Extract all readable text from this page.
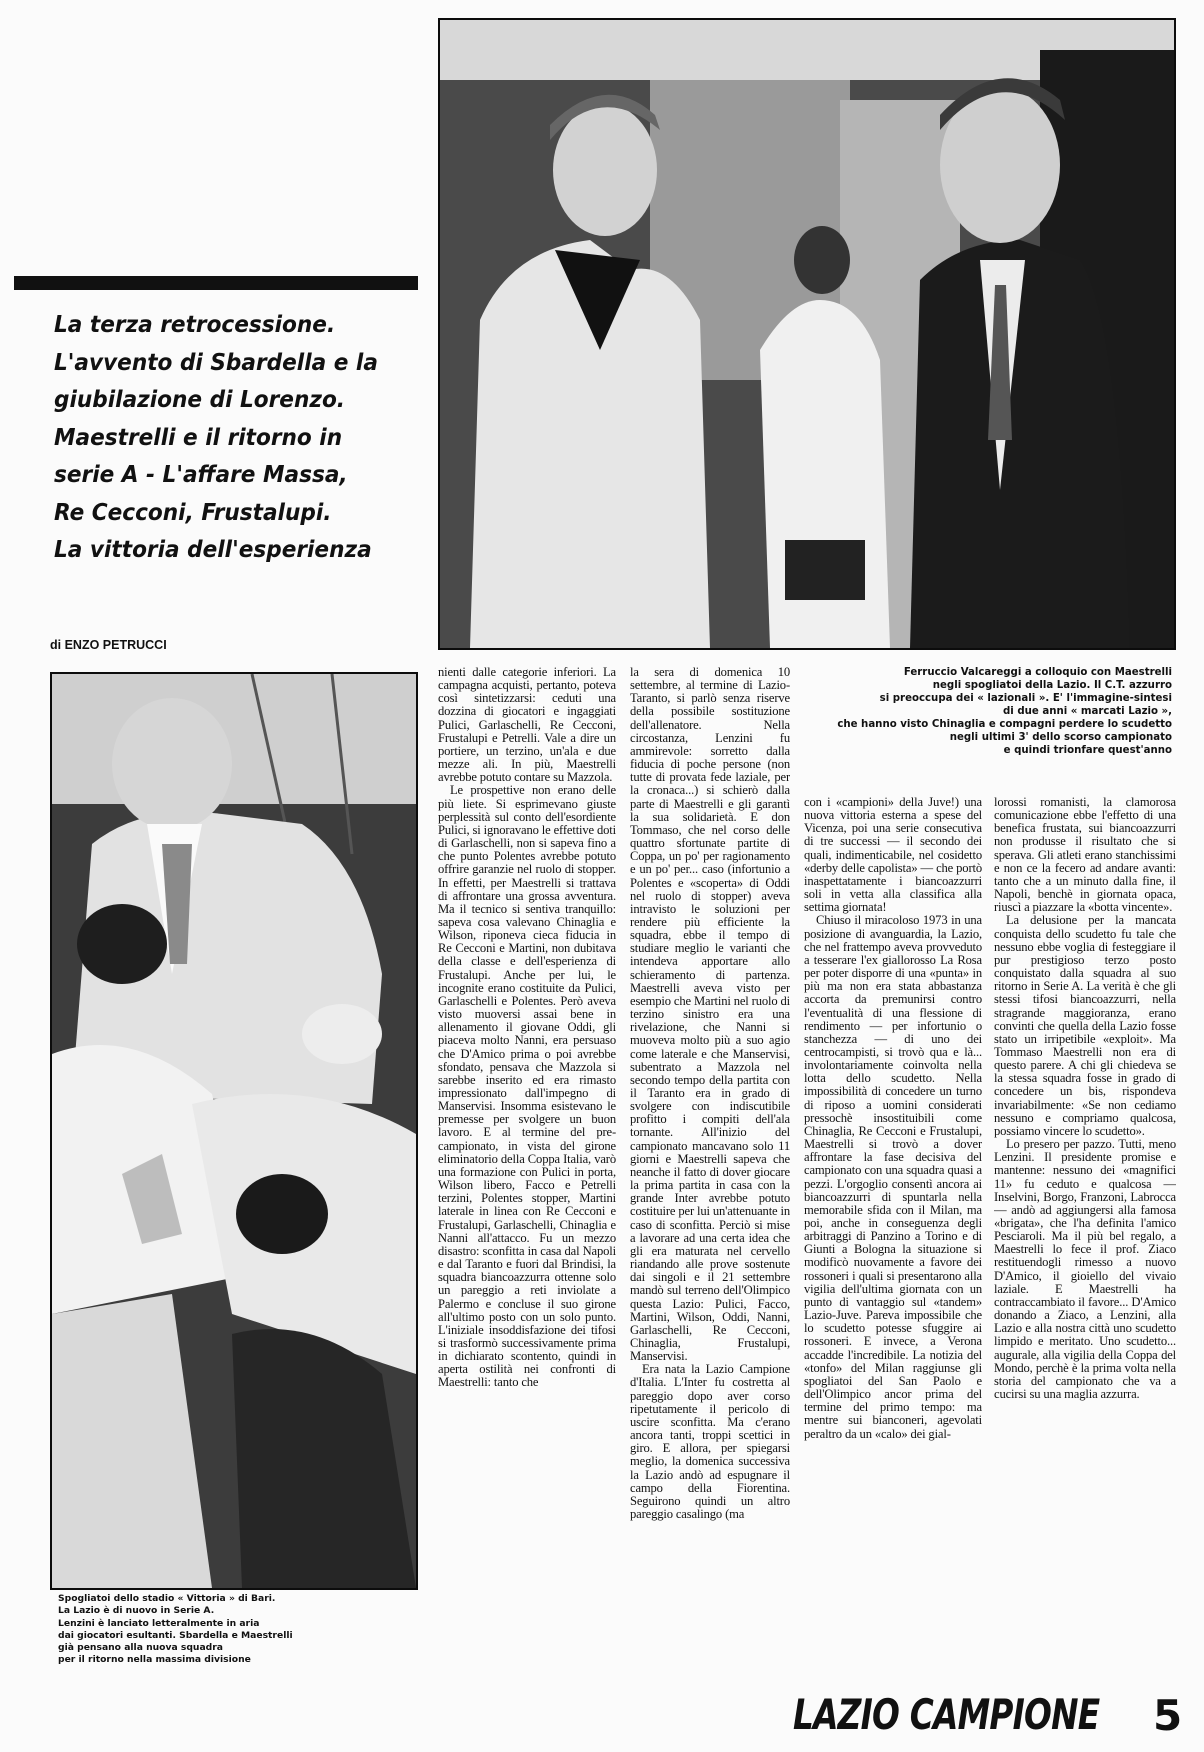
La terza retrocessione.
L'avvento di Sbardella e la
giubilazione di Lorenzo.
Maestrelli e il ritorno in
serie A - L'affare Massa,
Re Cecconi, Frustalupi.
La vittoria dell'esperienza
di ENZO PETRUCCI

Ferruccio Valcareggi a colloquio con Maestrelli
negli spogliatoi della Lazio. Il C.T. azzurro
si preoccupa dei « lazionali ». E' l'immagine-sintesi
di due anni « marcati Lazio »,
che hanno visto Chinaglia e compagni perdere lo scudetto
negli ultimi 3' dello scorso campionato
e quindi trionfare quest'anno

Spogliatoi dello stadio « Vittoria » di Bari.
La Lazio è di nuovo in Serie A.
Lenzini è lanciato letteralmente in aria
dai giocatori esultanti. Sbardella e Maestrelli
già pensano alla nuova squadra
per il ritorno nella massima divisione

nienti dalle categorie inferiori. La campagna acquisti, pertanto, poteva così sintetizzarsi: ceduti una dozzina di giocatori e ingaggiati Pulici, Garlaschelli, Re Cecconi, Frustalupi e Petrelli. Vale a dire un portiere, un terzino, un'ala e due mezze ali. In più, Maestrelli avrebbe potuto contare su Mazzola.

Le prospettive non erano delle più liete. Si esprimevano giuste perplessità sul conto dell'esordiente Pulici, si ignoravano le effettive doti di Garlaschelli, non si sapeva fino a che punto Polentes avrebbe potuto offrire garanzie nel ruolo di stopper. In effetti, per Maestrelli si trattava di affrontare una grossa avventura. Ma il tecnico si sentiva tranquillo: sapeva cosa valevano Chinaglia e Wilson, riponeva cieca fiducia in Re Cecconi e Martini, non dubitava della classe e dell'esperienza di Frustalupi. Anche per lui, le incognite erano costituite da Pulici, Garlaschelli e Polentes. Però aveva visto muoversi assai bene in allenamento il giovane Oddi, gli piaceva molto Nanni, era persuaso che D'Amico prima o poi avrebbe sfondato, pensava che Mazzola si sarebbe inserito ed era rimasto impressionato dall'impegno di Manservisi. Insomma esistevano le premesse per svolgere un buon lavoro. E al termine del pre-campionato, in vista del girone eliminatorio della Coppa Italia, varò una formazione con Pulici in porta, Wilson libero, Facco e Petrelli terzini, Polentes stopper, Martini laterale in linea con Re Cecconi e Frustalupi, Garlaschelli, Chinaglia e Nanni all'attacco. Fu un mezzo disastro: sconfitta in casa dal Napoli e dal Taranto e fuori dal Brindisi, la squadra biancoazzurra ottenne solo un pareggio a reti inviolate a Palermo e concluse il suo girone all'ultimo posto con un solo punto. L'iniziale insoddisfazione dei tifosi si trasformò successivamente prima in dichiarato scontento, quindi in aperta ostilità nei confronti di Maestrelli: tanto che

la sera di domenica 10 settembre, al termine di Lazio-Taranto, si parlò senza riserve della possibile sostituzione dell'allenatore. Nella circostanza, Lenzini fu ammirevole: sorretto dalla fiducia di poche persone (non tutte di provata fede laziale, per la cronaca...) si schierò dalla parte di Maestrelli e gli garantì la sua solidarietà. E don Tommaso, che nel corso delle quattro sfortunate partite di Coppa, un po' per ragionamento e un po' per... caso (infortunio a Polentes e «scoperta» di Oddi nel ruolo di stopper) aveva intravisto le soluzioni per rendere più efficiente la squadra, ebbe il tempo di studiare meglio le varianti che intendeva apportare allo schieramento di partenza. Maestrelli aveva visto per esempio che Martini nel ruolo di terzino sinistro era una rivelazione, che Nanni si muoveva molto più a suo agio come laterale e che Manservisi, subentrato a Mazzola nel secondo tempo della partita con il Taranto era in grado di svolgere con indiscutibile profitto i compiti dell'ala tornante. All'inizio del campionato mancavano solo 11 giorni e Maestrelli sapeva che neanche il fatto di dover giocare la prima partita in casa con la grande Inter avrebbe potuto costituire per lui un'attenuante in caso di sconfitta. Perciò si mise a lavorare ad una certa idea che gli era maturata nel cervello riandando alle prove sostenute dai singoli e il 21 settembre mandò sul terreno dell'Olimpico questa Lazio: Pulici, Facco, Martini, Wilson, Oddi, Nanni, Garlaschelli, Re Cecconi, Chinaglia, Frustalupi, Manservisi.

Era nata la Lazio Campione d'Italia. L'Inter fu costretta al pareggio dopo aver corso ripetutamente il pericolo di uscire sconfitta. Ma c'erano ancora tanti, troppi scettici in giro. E allora, per spiegarsi meglio, la domenica successiva la Lazio andò ad espugnare il campo della Fiorentina. Seguirono quindi un altro pareggio casalingo (ma

con i «campioni» della Juve!) una nuova vittoria esterna a spese del Vicenza, poi una serie consecutiva di tre successi — il secondo dei quali, indimenticabile, nel cosidetto «derby delle capolista» — che portò inaspettatamente i biancoazzurri soli in vetta alla classifica alla settima giornata!

Chiuso il miracoloso 1973 in una posizione di avanguardia, la Lazio, che nel frattempo aveva provveduto a tesserare l'ex giallorosso La Rosa per poter disporre di una «punta» in più ma non era stata abbastanza accorta da premunirsi contro l'eventualità di una flessione di rendimento — per infortunio o stanchezza — di uno dei centrocampisti, si trovò qua e là... involontariamente coinvolta nella lotta dello scudetto. Nella impossibilità di concedere un turno di riposo a uomini considerati pressochè insostituibili come Chinaglia, Re Cecconi e Frustalupi, Maestrelli si trovò a dover affrontare la fase decisiva del campionato con una squadra quasi a pezzi. L'orgoglio consentì ancora ai biancoazzurri di spuntarla nella memorabile sfida con il Milan, ma poi, anche in conseguenza degli arbitraggi di Panzino a Torino e di Giunti a Bologna la situazione si modificò nuovamente a favore dei rossoneri i quali si presentarono alla vigilia dell'ultima giornata con un punto di vantaggio sul «tandem» Lazio-Juve. Pareva impossibile che lo scudetto potesse sfuggire ai rossoneri. E invece, a Verona accadde l'incredibile. La notizia del «tonfo» del Milan raggiunse gli spogliatoi del San Paolo e dell'Olimpico ancor prima del termine del primo tempo: ma mentre sui bianconeri, agevolati peraltro da un «calo» dei gial-

lorossi romanisti, la clamorosa comunicazione ebbe l'effetto di una benefica frustata, sui biancoazzurri non produsse il risultato che si sperava. Gli atleti erano stanchissimi e non ce la fecero ad andare avanti: tanto che a un minuto dalla fine, il Napoli, benchè in giornata opaca, riuscì a piazzare la «botta vincente».

La delusione per la mancata conquista dello scudetto fu tale che nessuno ebbe voglia di festeggiare il pur prestigioso terzo posto conquistato dalla squadra al suo ritorno in Serie A. La verità è che gli stessi tifosi biancoazzurri, nella stragrande maggioranza, erano convinti che quella della Lazio fosse stato un irripetibile «exploit». Ma Tommaso Maestrelli non era di questo parere. A chi gli chiedeva se la stessa squadra fosse in grado di concedere un bis, rispondeva invariabilmente: «Se non cediamo nessuno e compriamo qualcosa, possiamo vincere lo scudetto».

Lo presero per pazzo. Tutti, meno Lenzini. Il presidente promise e mantenne: nessuno dei «magnifici 11» fu ceduto e qualcosa — Inselvini, Borgo, Franzoni, Labrocca — andò ad aggiungersi alla famosa «brigata», che l'ha definita l'amico Pesciaroli. Ma il più bel regalo, a Maestrelli lo fece il prof. Ziaco restituendogli rimesso a nuovo D'Amico, il gioiello del vivaio laziale. E Maestrelli ha contraccambiato il favore... D'Amico donando a Ziaco, a Lenzini, alla Lazio e alla nostra città uno scudetto limpido e meritato. Uno scudetto... augurale, alla vigilia della Coppa del Mondo, perchè è la prima volta nella storia del campionato che va a cucirsi su una maglia azzurra.

LAZIO CAMPIONE 5
